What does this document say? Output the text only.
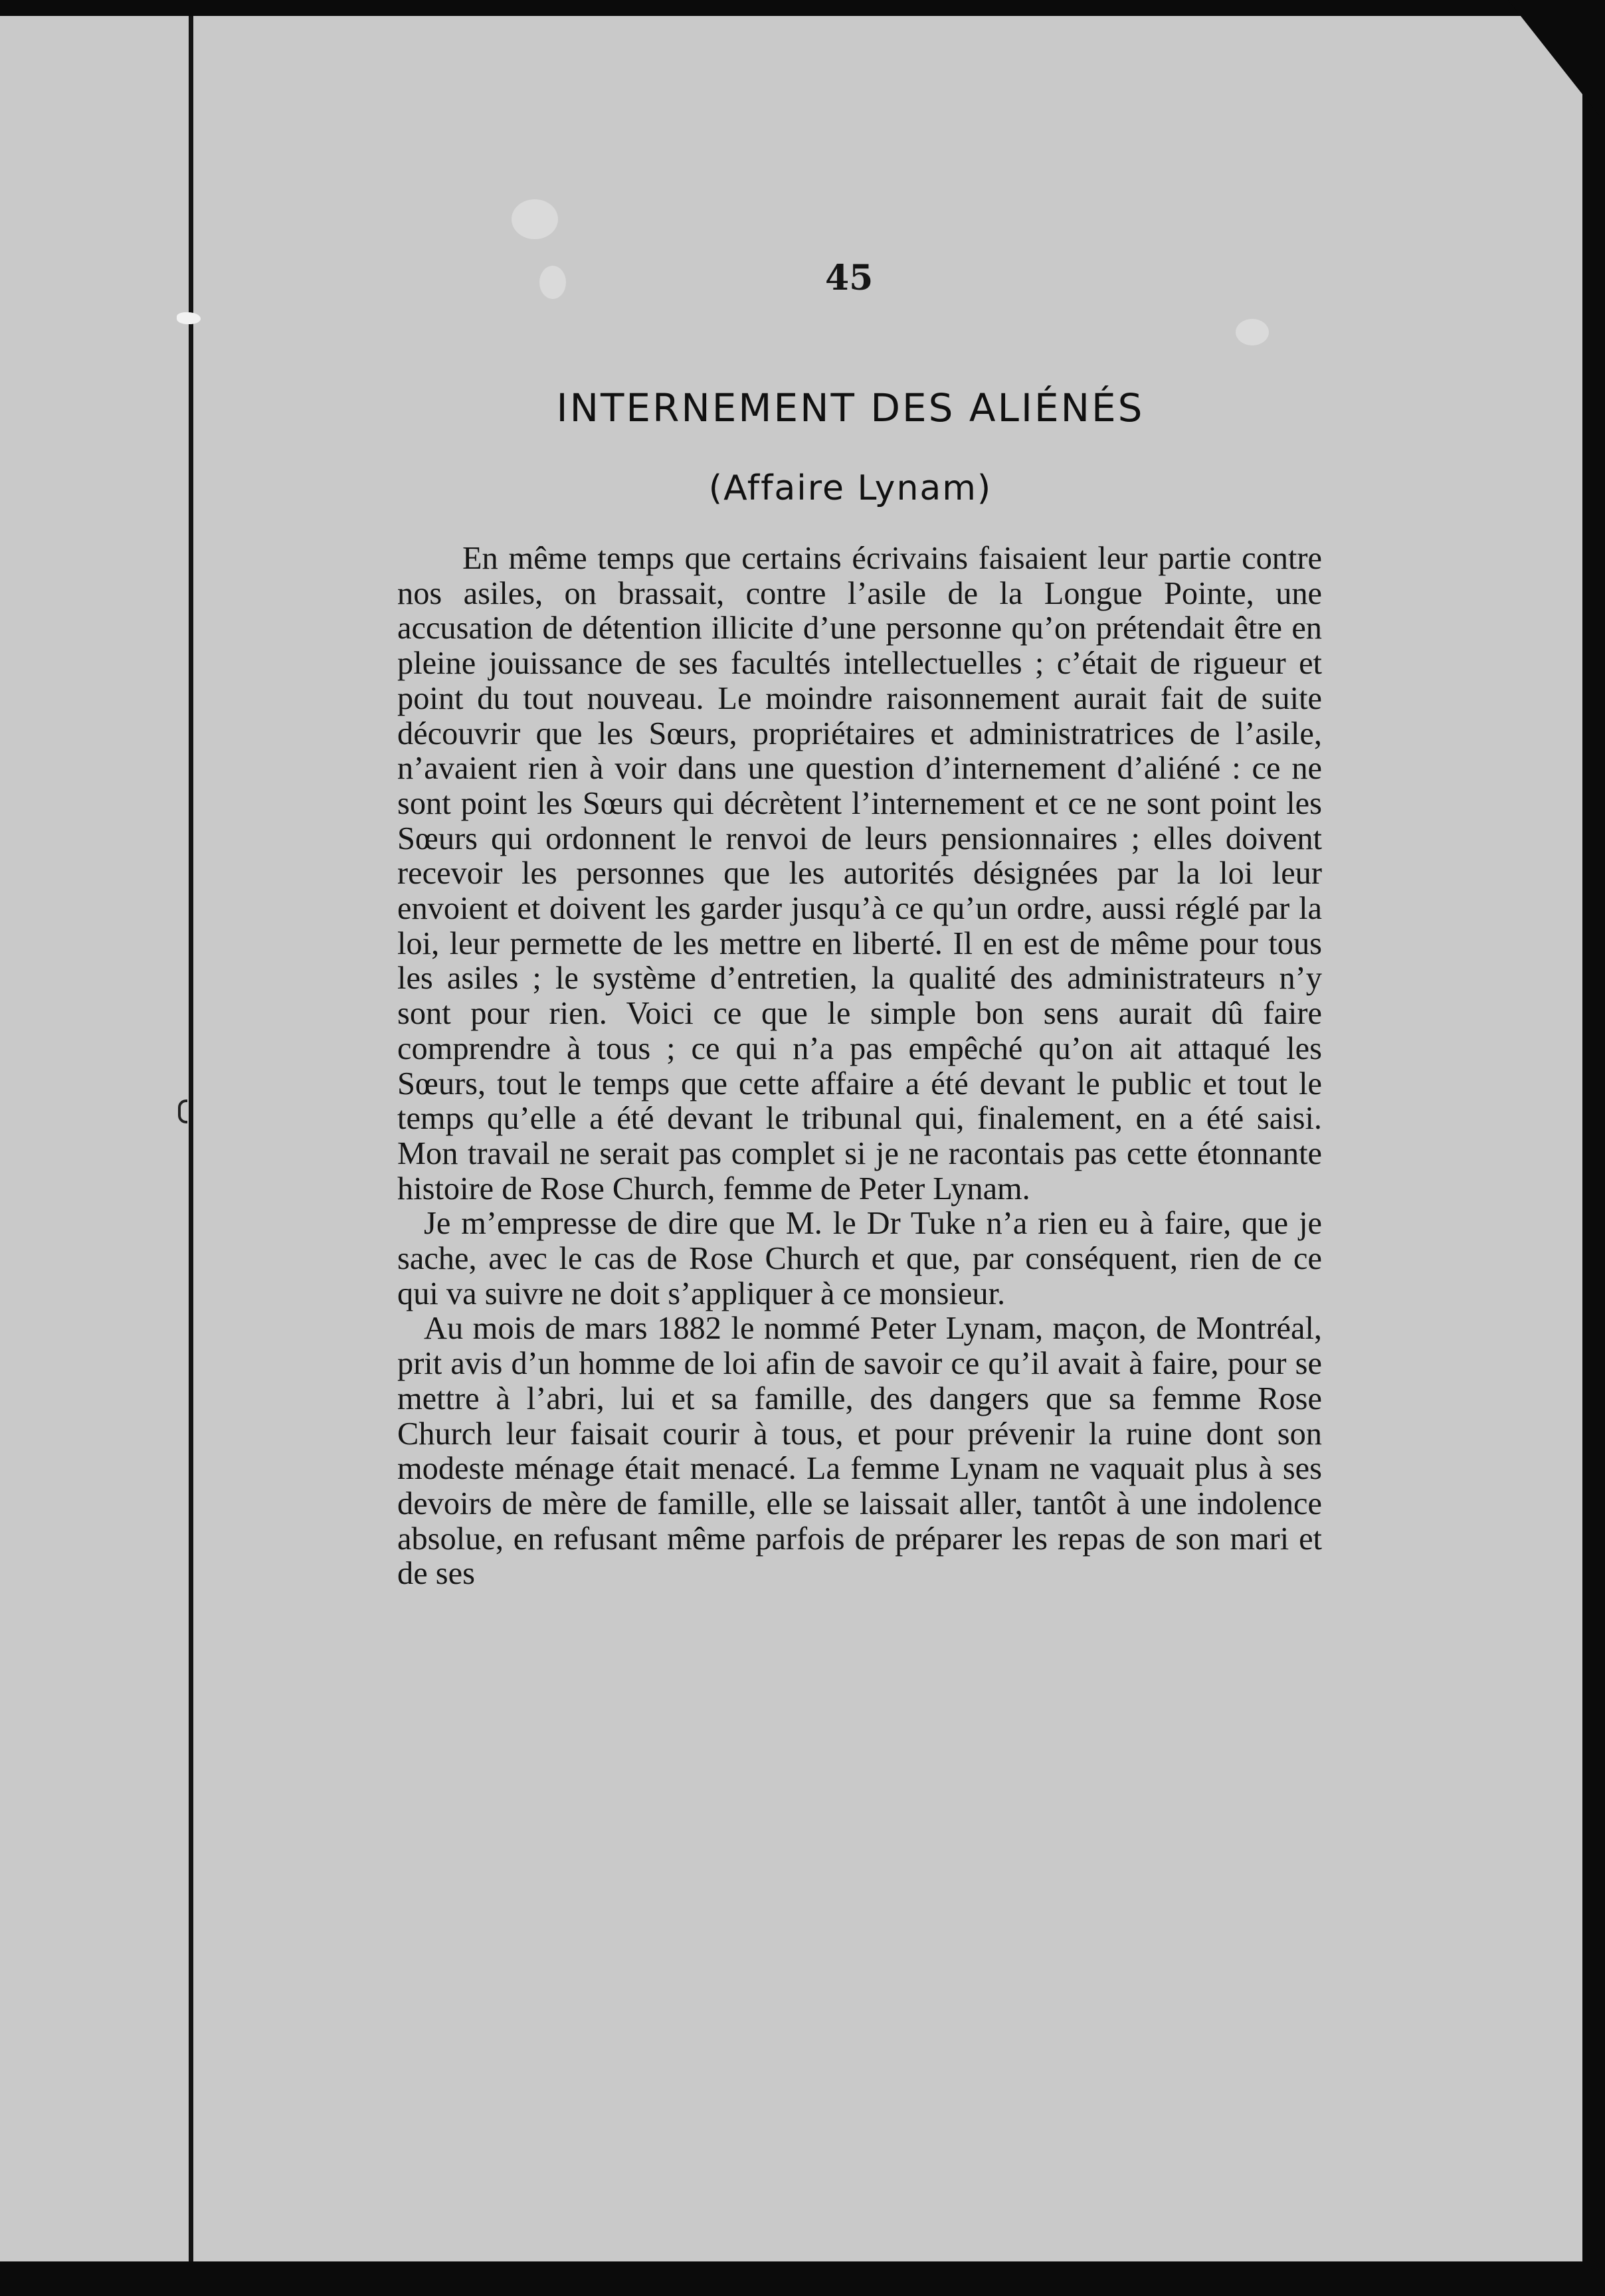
45
INTERNEMENT DES ALIÉNÉS
(Affaire Lynam)

En même temps que certains écrivains faisaient leur partie contre nos asiles, on brassait, contre l’asile de la Longue Pointe, une accusation de détention illicite d’une personne qu’on prétendait être en pleine jouissance de ses facultés intellectuelles ; c’était de rigueur et point du tout nouveau. Le moindre raisonnement aurait fait de suite découvrir que les Sœurs, propriétaires et administratrices de l’asile, n’avaient rien à voir dans une question d’internement d’aliéné : ce ne sont point les Sœurs qui décrètent l’internement et ce ne sont point les Sœurs qui ordonnent le renvoi de leurs pensionnaires ; elles doivent recevoir les personnes que les autorités désignées par la loi leur envoient et doivent les garder jusqu’à ce qu’un ordre, aussi réglé par la loi, leur permette de les mettre en liberté. Il en est de même pour tous les asiles ; le système d’entretien, la qualité des administrateurs n’y sont pour rien. Voici ce que le simple bon sens aurait dû faire comprendre à tous ; ce qui n’a pas empêché qu’on ait attaqué les Sœurs, tout le temps que cette affaire a été devant le public et tout le temps qu’elle a été devant le tribunal qui, finalement, en a été saisi. Mon travail ne serait pas complet si je ne racontais pas cette étonnante histoire de Rose Church, femme de Peter Lynam.

Je m’empresse de dire que M. le Dr Tuke n’a rien eu à faire, que je sache, avec le cas de Rose Church et que, par conséquent, rien de ce qui va suivre ne doit s’appliquer à ce monsieur.

Au mois de mars 1882 le nommé Peter Lynam, maçon, de Montréal, prit avis d’un homme de loi afin de savoir ce qu’il avait à faire, pour se mettre à l’abri, lui et sa famille, des dangers que sa femme Rose Church leur faisait courir à tous, et pour prévenir la ruine dont son modeste ménage était menacé. La femme Lynam ne vaquait plus à ses devoirs de mère de famille, elle se laissait aller, tantôt à une indolence absolue, en refusant même parfois de préparer les repas de son mari et de ses
